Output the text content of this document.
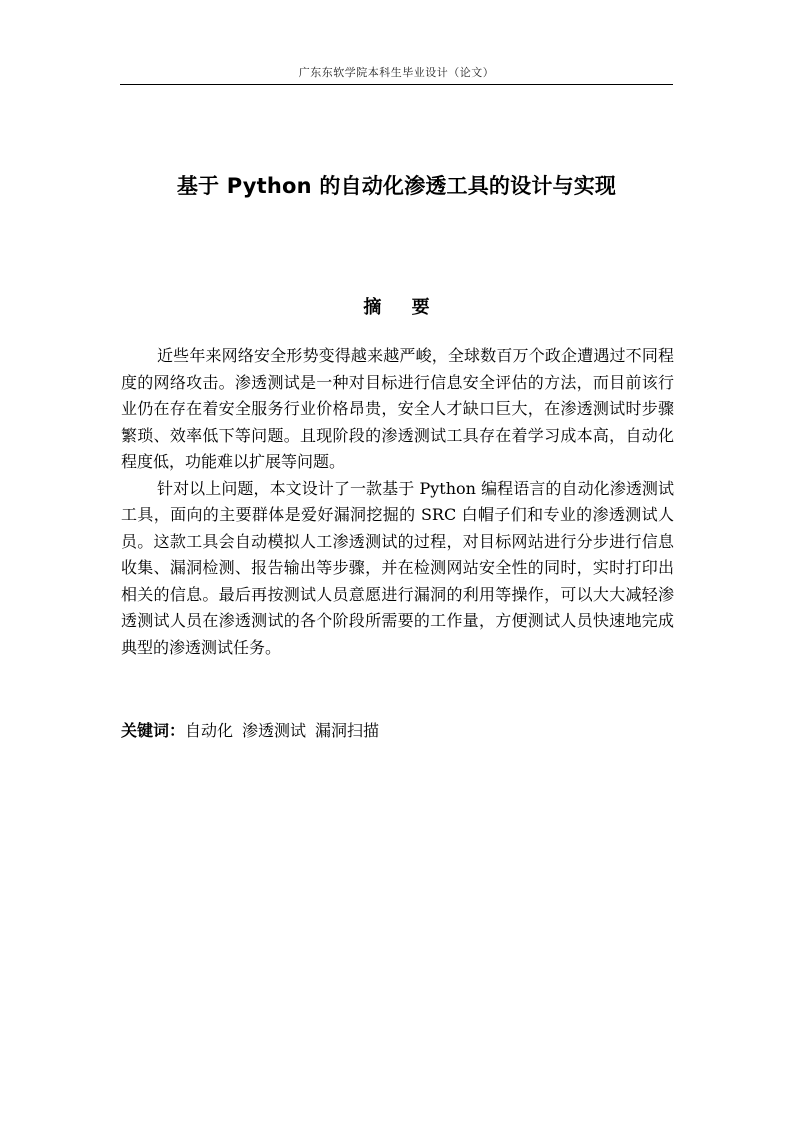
广东东软学院本科生毕业设计（论文）
基于 Python 的自动化渗透工具的设计与实现
摘 要

近些年来网络安全形势变得越来越严峻，全球数百万个政企遭遇过不同程度的网络攻击。渗透测试是一种对目标进行信息安全评估的方法，而目前该行业仍在存在着安全服务行业价格昂贵，安全人才缺口巨大，在渗透测试时步骤繁琐、效率低下等问题。且现阶段的渗透测试工具存在着学习成本高，自动化程度低，功能难以扩展等问题。

针对以上问题，本文设计了一款基于 Python 编程语言的自动化渗透测试工具，面向的主要群体是爱好漏洞挖掘的 SRC 白帽子们和专业的渗透测试人员。这款工具会自动模拟人工渗透测试的过程，对目标网站进行分步进行信息收集、漏洞检测、报告输出等步骤，并在检测网站安全性的同时，实时打印出相关的信息。最后再按测试人员意愿进行漏洞的利用等操作，可以大大减轻渗透测试人员在渗透测试的各个阶段所需要的工作量，方便测试人员快速地完成典型的渗透测试任务。

关键词：自动化 渗透测试 漏洞扫描
